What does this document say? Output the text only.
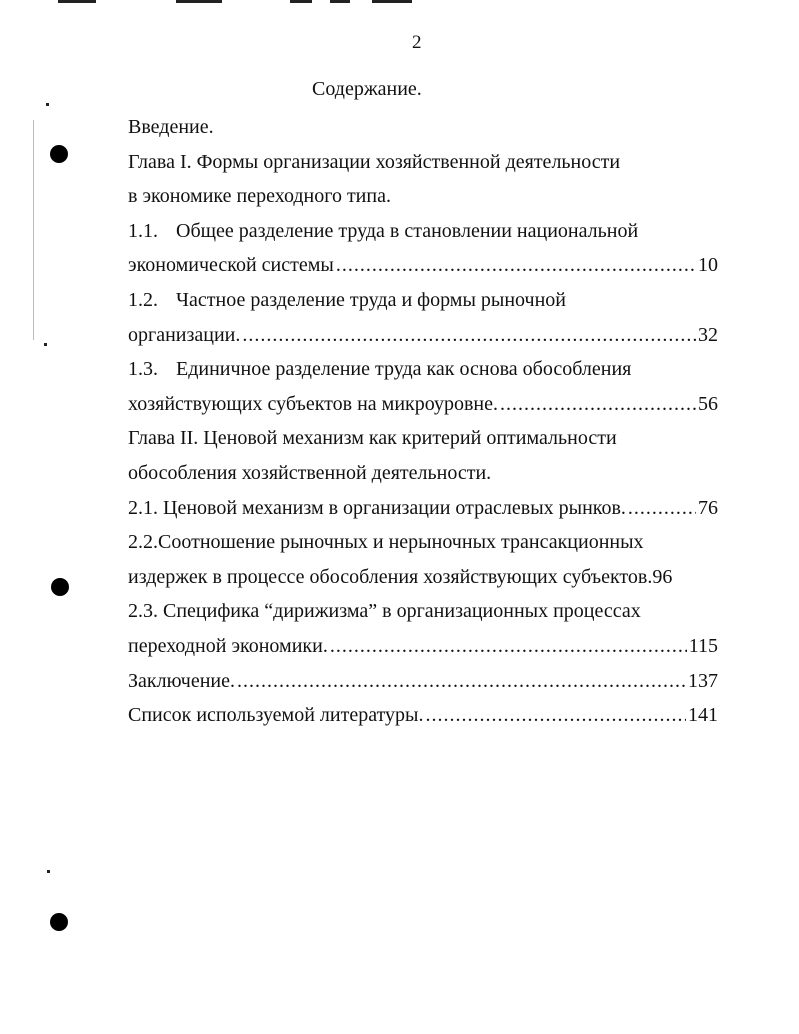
2
Содержание.
Введение.
Глава I. Формы организации хозяйственной деятельности
в экономике переходного типа.
1.1. Общее разделение труда в становлении национальной
экономической системы .....	10
1.2. Частное разделение труда и формы рыночной
организации. .....	32
1.3. Единичное разделение труда как основа обособления
хозяйствующих субъектов на микроуровне. .....	56
Глава II. Ценовой механизм как критерий оптимальности
обособления хозяйственной деятельности.
2.1. Ценовой механизм в организации отраслевых рынков. .....	76
2.2.Соотношение рыночных и нерыночных трансакционных
издержек в процессе обособления хозяйствующих субъектов. 96
2.3. Специфика “дирижизма” в организационных процессах
переходной экономики. .....	115
Заключение. .....	137
Список используемой литературы. .....	141
